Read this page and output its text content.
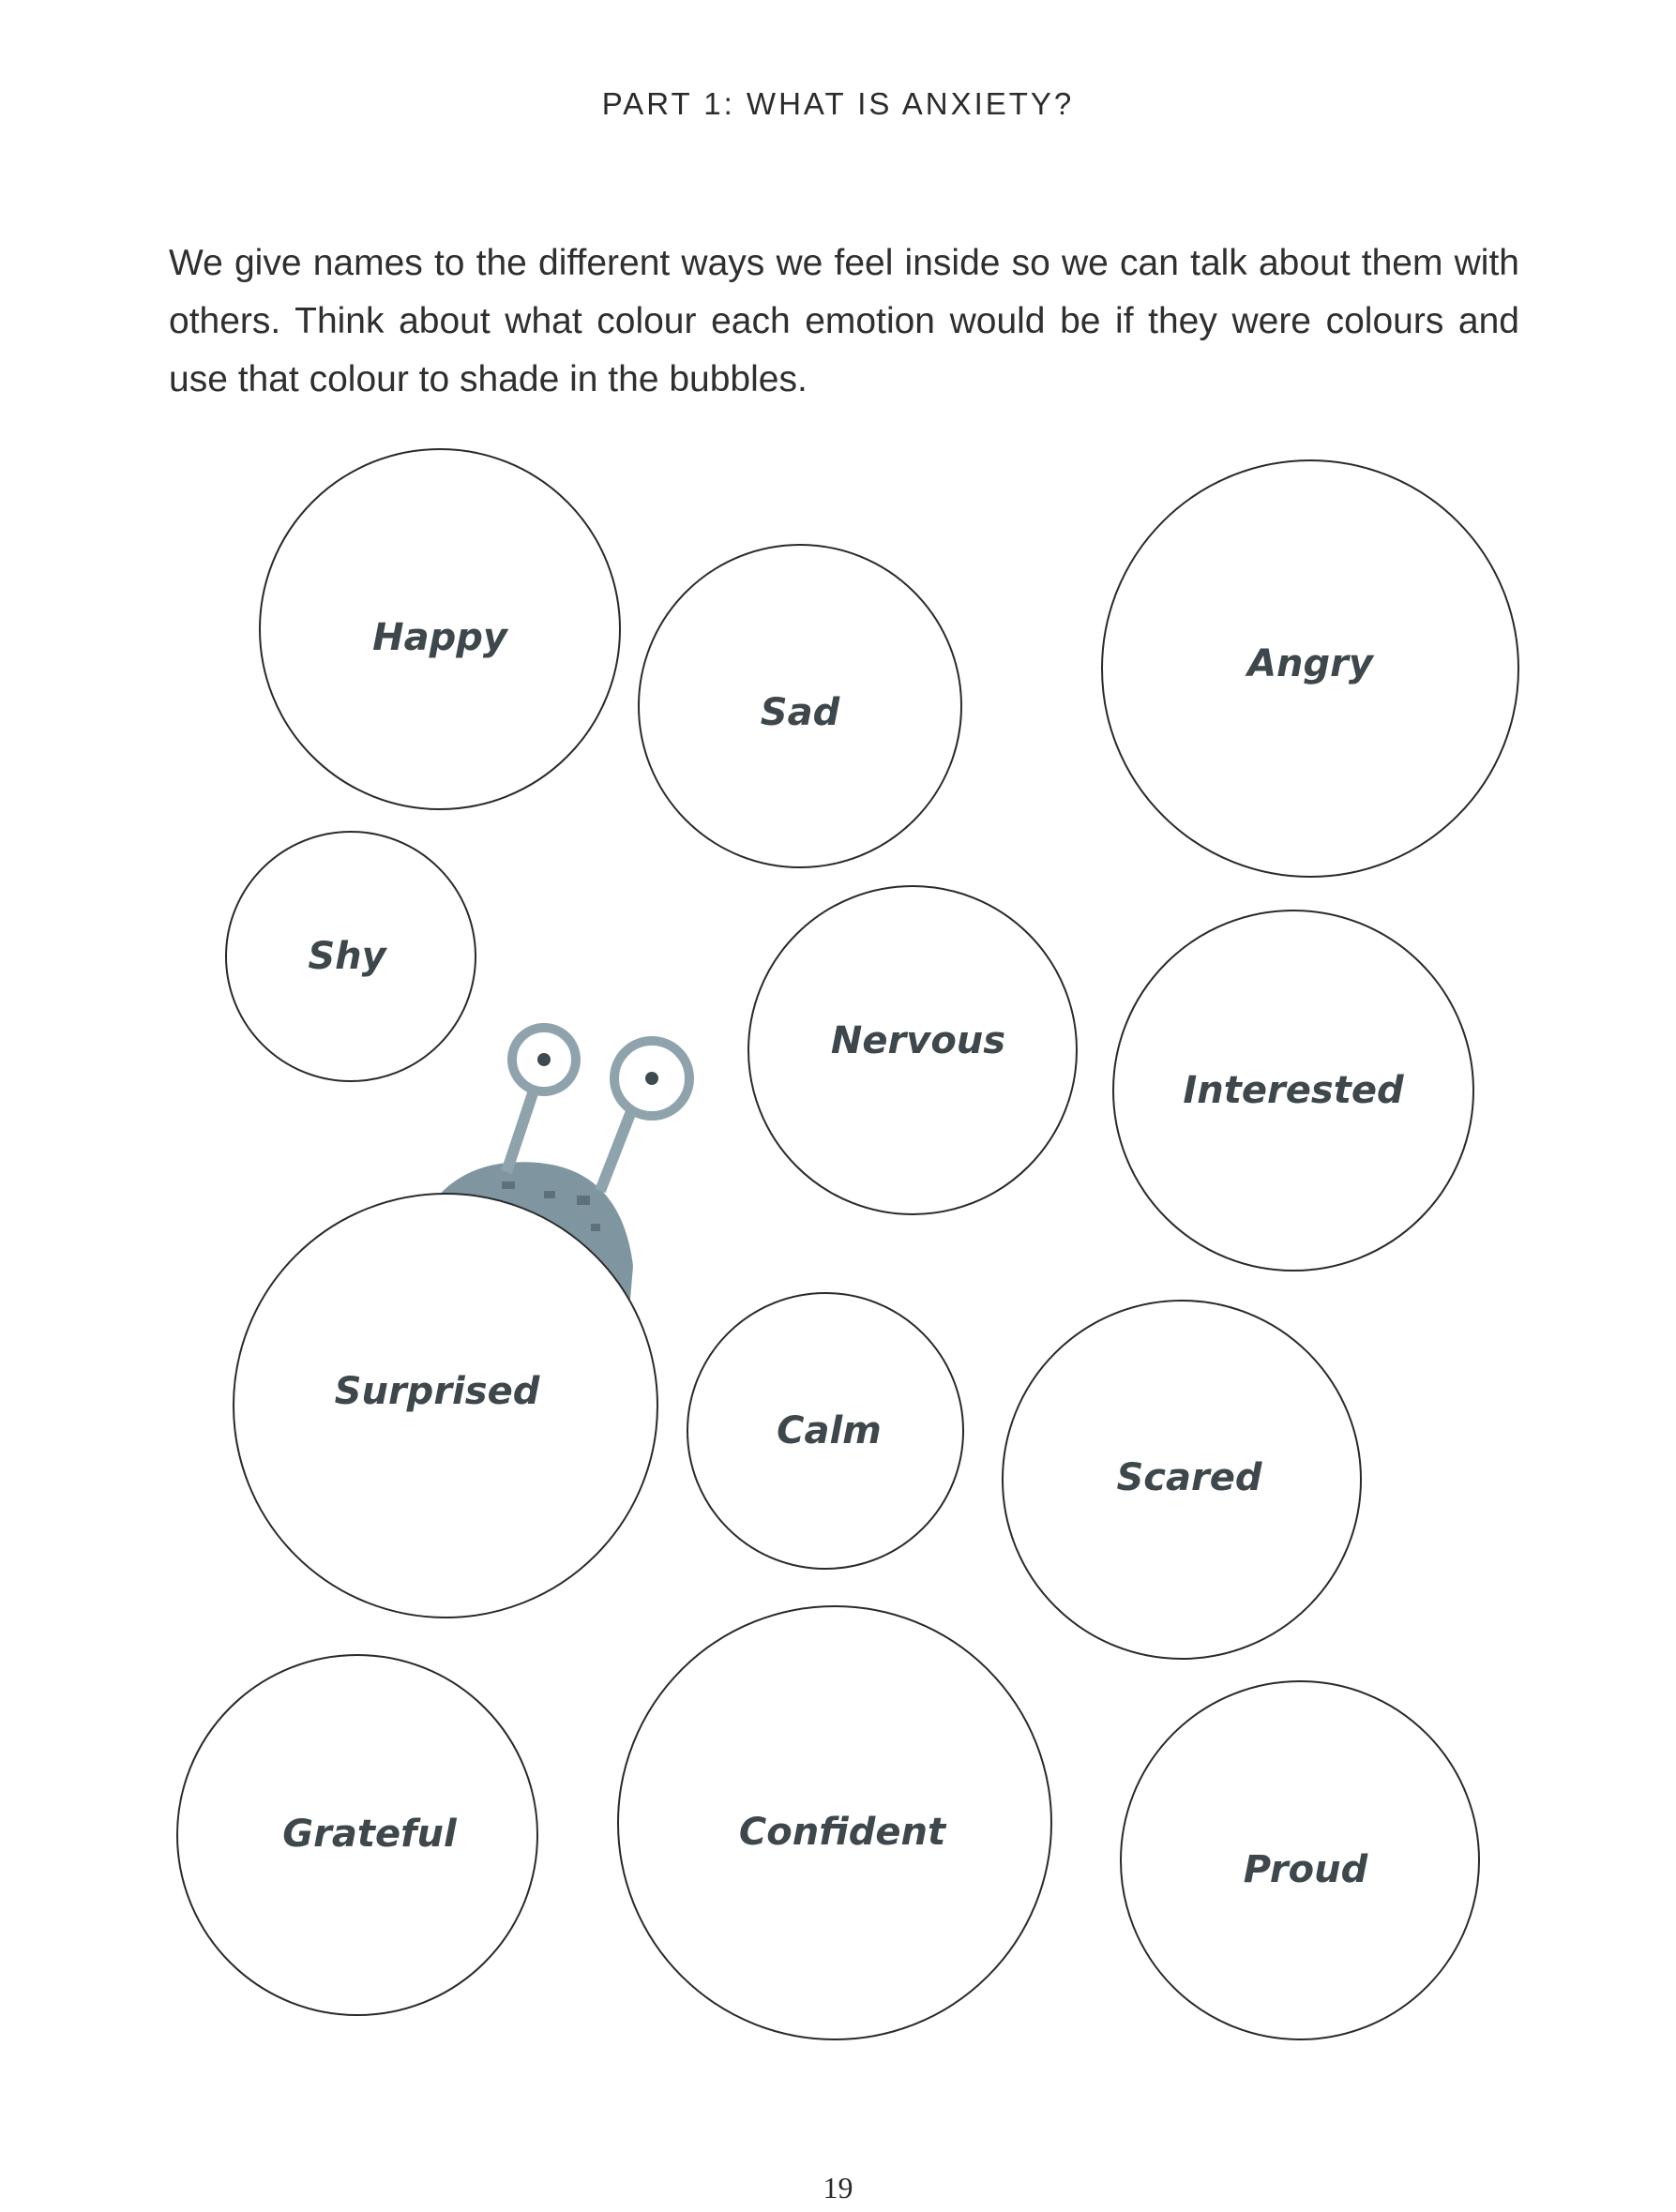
PART 1: WHAT IS ANXIETY?
We give names to the different ways we feel inside so we can talk about them with others. Think about what colour each emotion would be if they were colours and use that colour to shade in the bubbles.
Happy
Sad
Angry
Shy
Nervous
Interested
Surprised
Calm
Scared
Grateful	Confident
Proud
19
